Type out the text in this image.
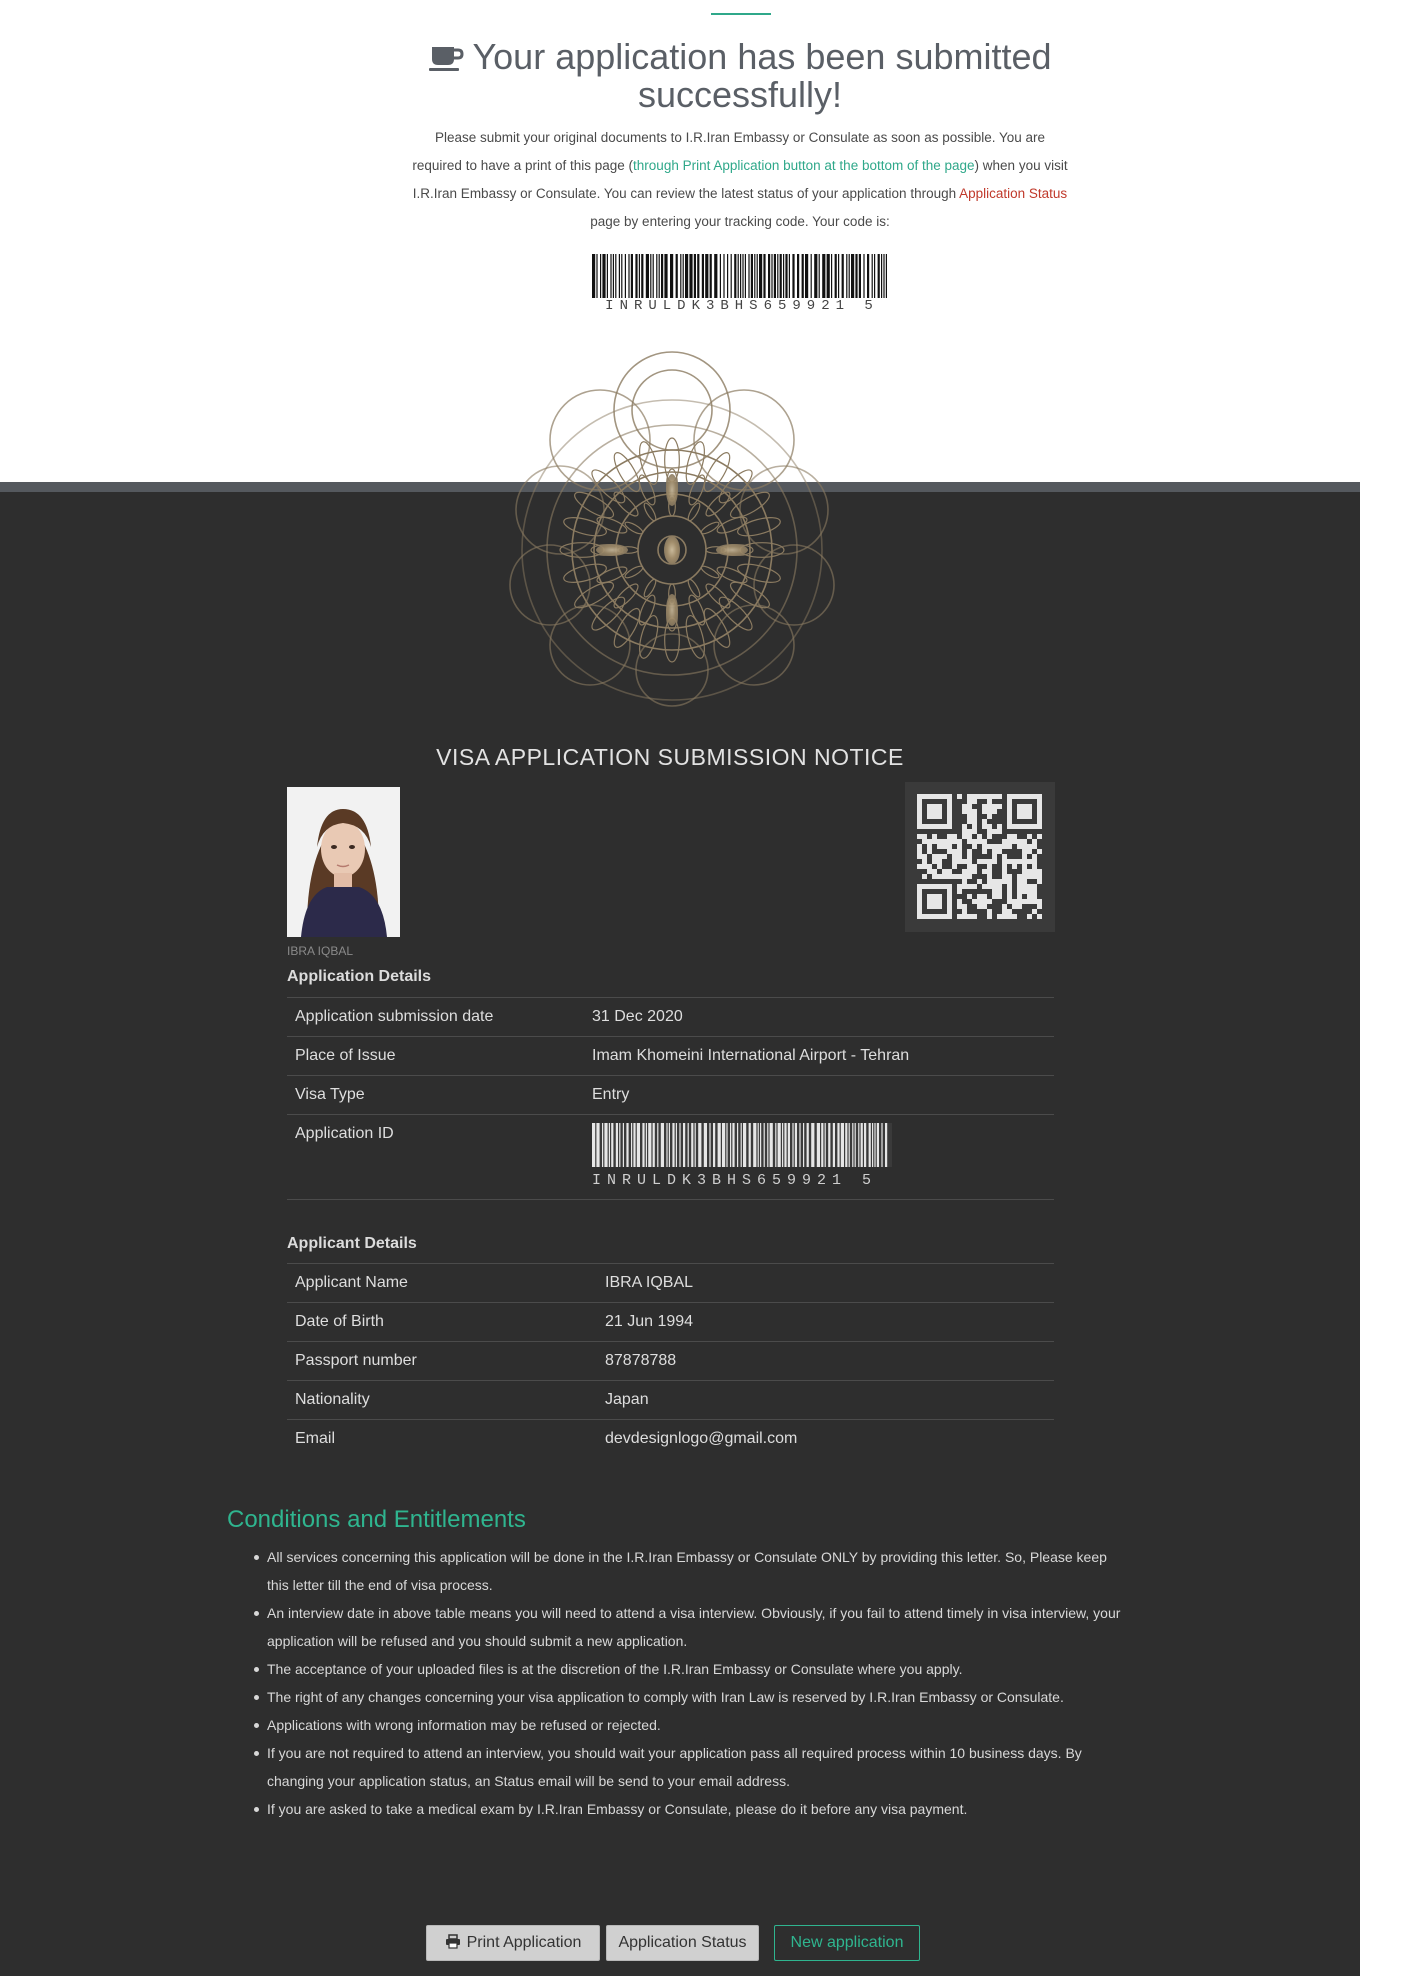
Your application has been submitted successfully!
Please submit your original documents to I.R.Iran Embassy or Consulate as soon as possible. You are required to have a print of this page (through Print Application button at the bottom of the page) when you visit I.R.Iran Embassy or Consulate. You can review the latest status of your application through Application Status page by entering your tracking code. Your code is:
INRULDK3BHS659921 5
VISA APPLICATION SUBMISSION NOTICE
IBRA IQBAL
Application Details
Application submission date	31 Dec 2020
Place of Issue	Imam Khomeini International Airport - Tehran
Visa Type	Entry
Application ID
INRULDK3BHS659921 5
Applicant Details
Applicant Name	IBRA IQBAL
Date of Birth	21 Jun 1994
Passport number	87878788
Nationality	Japan
Email	devdesignlogo@gmail.com
Conditions and Entitlements
All services concerning this application will be done in the I.R.Iran Embassy or Consulate ONLY by providing this letter. So, Please keep this letter till the end of visa process.
An interview date in above table means you will need to attend a visa interview. Obviously, if you fail to attend timely in visa interview, your application will be refused and you should submit a new application.
The acceptance of your uploaded files is at the discretion of the I.R.Iran Embassy or Consulate where you apply.
The right of any changes concerning your visa application to comply with Iran Law is reserved by I.R.Iran Embassy or Consulate.
Applications with wrong information may be refused or rejected.
If you are not required to attend an interview, you should wait your application pass all required process within 10 business days. By changing your application status, an Status email will be send to your email address.
If you are asked to take a medical exam by I.R.Iran Embassy or Consulate, please do it before any visa payment.
Print Application	Application Status	New application
